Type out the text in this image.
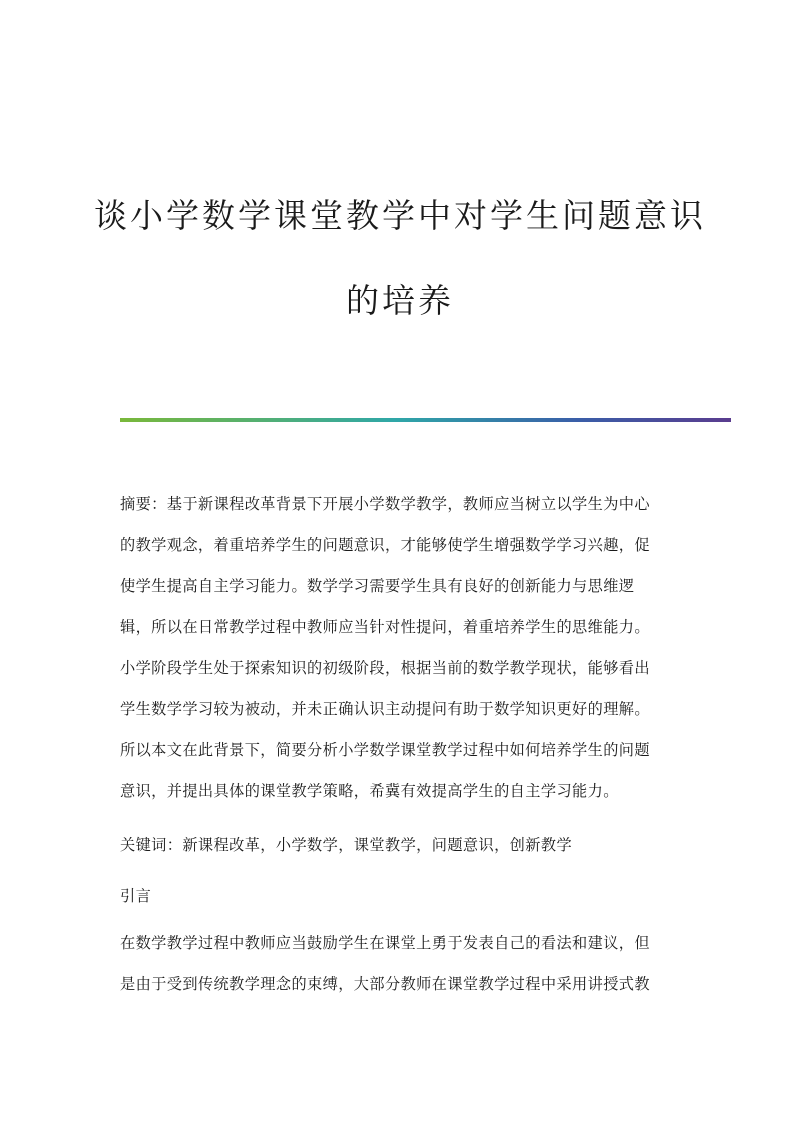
谈小学数学课堂教学中对学生问题意识
的培养
摘要：基于新课程改革背景下开展小学数学教学，教师应当树立以学生为中心
的教学观念，着重培养学生的问题意识，才能够使学生增强数学学习兴趣，促
使学生提高自主学习能力。数学学习需要学生具有良好的创新能力与思维逻
辑，所以在日常教学过程中教师应当针对性提问，着重培养学生的思维能力。
小学阶段学生处于探索知识的初级阶段，根据当前的数学教学现状，能够看出
学生数学学习较为被动，并未正确认识主动提问有助于数学知识更好的理解。
所以本文在此背景下，简要分析小学数学课堂教学过程中如何培养学生的问题
意识，并提出具体的课堂教学策略，希冀有效提高学生的自主学习能力。
关键词：新课程改革，小学数学，课堂教学，问题意识，创新教学
引言
在数学教学过程中教师应当鼓励学生在课堂上勇于发表自己的看法和建议，但
是由于受到传统教学理念的束缚，大部分教师在课堂教学过程中采用讲授式教
